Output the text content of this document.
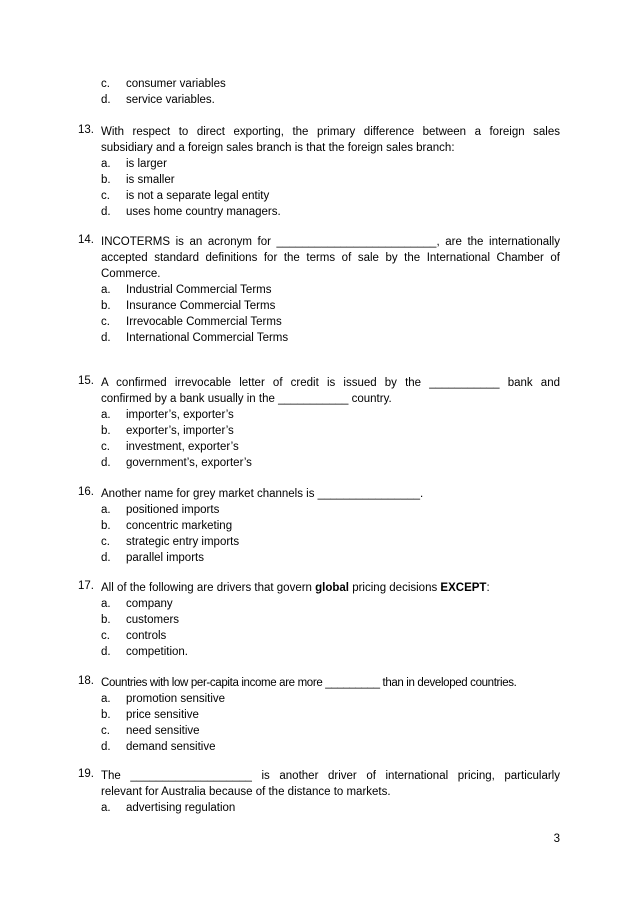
c.	consumer variables
d.	service variables.
13. With respect to direct exporting, the primary difference between a foreign sales
subsidiary and a foreign sales branch is that the foreign sales branch:
a.	is larger
b.	is smaller
c.	is not a separate legal entity
d.	uses home country managers.
14. INCOTERMS is an acronym for _________________________, are the internationally
accepted standard definitions for the terms of sale by the International Chamber of
Commerce.
a.	Industrial Commercial Terms
b.	Insurance Commercial Terms
c.	Irrevocable Commercial Terms
d.	International Commercial Terms
15. A confirmed irrevocable letter of credit is issued by the ___________ bank and
confirmed by a bank usually in the ___________ country.
a.	importer’s, exporter’s
b.	exporter’s, importer’s
c.	investment, exporter’s
d.	government’s, exporter’s
16. Another name for grey market channels is ________________.
a.	positioned imports
b.	concentric marketing
c.	strategic entry imports
d.	parallel imports
17. All of the following are drivers that govern global pricing decisions EXCEPT:
a.	company
b.	customers
c.	controls
d.	competition.
18. Countries with low per-capita income are more _________ than in developed countries.
a.	promotion sensitive
b.	price sensitive
c.	need sensitive
d.	demand sensitive
19. The ___________________ is another driver of international pricing, particularly
relevant for Australia because of the distance to markets.
a.	advertising regulation
3
